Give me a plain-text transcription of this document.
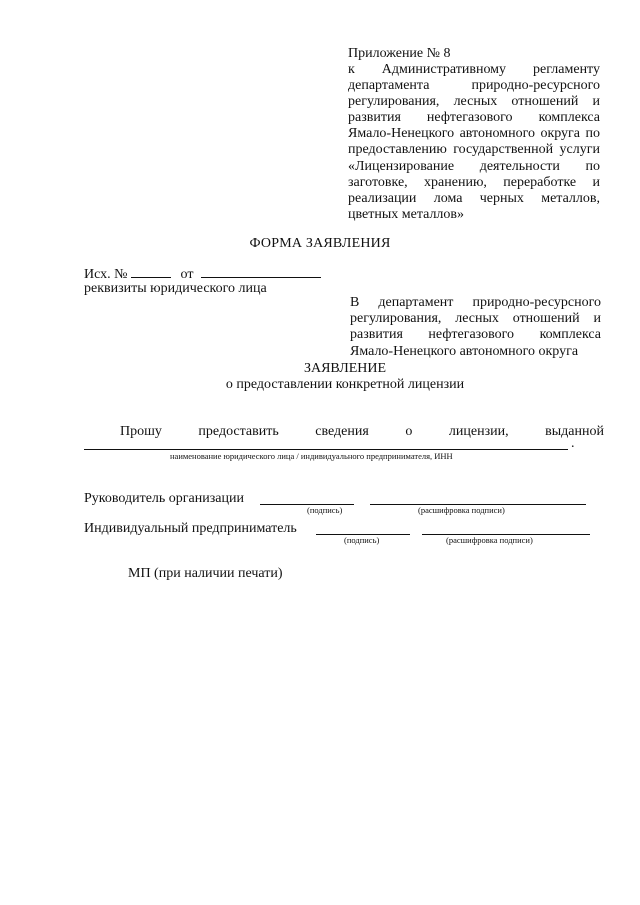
Приложение № 8
к Административному регламенту департамента природно-ресурсного регулирования, лесных отношений и развития нефтегазового комплекса Ямало-Ненецкого автономного округа по предоставлению государственной услуги «Лицензирование деятельности по заготовке, хранению, переработке и реализации лома черных металлов, цветных металлов»
ФОРМА ЗАЯВЛЕНИЯ
Исх. №	от
реквизиты юридического лица
В департамент природно-ресурсного регулирования, лесных отношений и развития нефтегазового комплекса Ямало-Ненецкого автономного округа
ЗАЯВЛЕНИЕ
о предоставлении конкретной лицензии
Прошу	предоставить	сведения	о	лицензии,	выданной
.
наименование юридического лица / индивидуального предпринимателя, ИНН
Руководитель организации
(подпись)	(расшифровка подписи)
Индивидуальный предприниматель
(подпись)	(расшифровка подписи)
МП (при наличии печати)
